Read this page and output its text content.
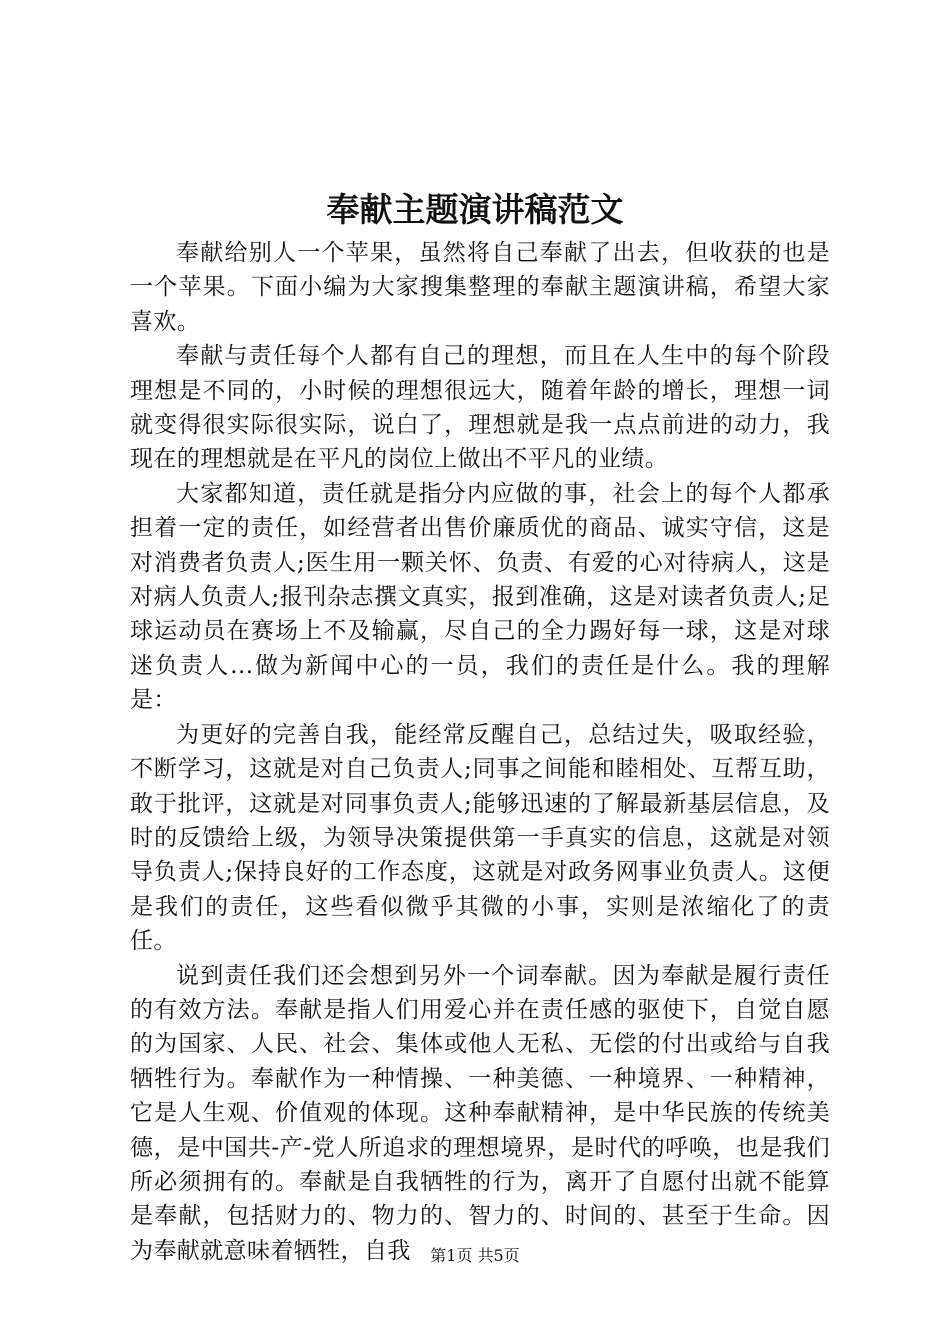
奉献主题演讲稿范文

奉献给别人一个苹果，虽然将自己奉献了出去，但收获的也是一个苹果。下面小编为大家搜集整理的奉献主题演讲稿，希望大家喜欢。

奉献与责任每个人都有自己的理想，而且在人生中的每个阶段理想是不同的，小时候的理想很远大，随着年龄的增长，理想一词就变得很实际很实际，说白了，理想就是我一点点前进的动力，我现在的理想就是在平凡的岗位上做出不平凡的业绩。

大家都知道，责任就是指分内应做的事，社会上的每个人都承担着一定的责任，如经营者出售价廉质优的商品、诚实守信，这是对消费者负责人;医生用一颗关怀、负责、有爱的心对待病人，这是对病人负责人;报刊杂志撰文真实，报到准确，这是对读者负责人;足球运动员在赛场上不及输赢，尽自己的全力踢好每一球，这是对球迷负责人...做为新闻中心的一员，我们的责任是什么。我的理解是：

为更好的完善自我，能经常反醒自己，总结过失，吸取经验，不断学习，这就是对自己负责人;同事之间能和睦相处、互帮互助，敢于批评，这就是对同事负责人;能够迅速的了解最新基层信息，及时的反馈给上级，为领导决策提供第一手真实的信息，这就是对领导负责人;保持良好的工作态度，这就是对政务网事业负责人。这便是我们的责任，这些看似微乎其微的小事，实则是浓缩化了的责任。

说到责任我们还会想到另外一个词奉献。因为奉献是履行责任的有效方法。奉献是指人们用爱心并在责任感的驱使下，自觉自愿的为国家、人民、社会、集体或他人无私、无偿的付出或给与自我牺牲行为。奉献作为一种情操、一种美德、一种境界、一种精神，它是人生观、价值观的体现。这种奉献精神，是中华民族的传统美德，是中国共-产-党人所追求的理想境界，是时代的呼唤，也是我们所必须拥有的。奉献是自我牺牲的行为，离开了自愿付出就不能算是奉献，包括财力的、物力的、智力的、时间的、甚至于生命。因为奉献就意味着牺牲，自我	第1页 共5页
